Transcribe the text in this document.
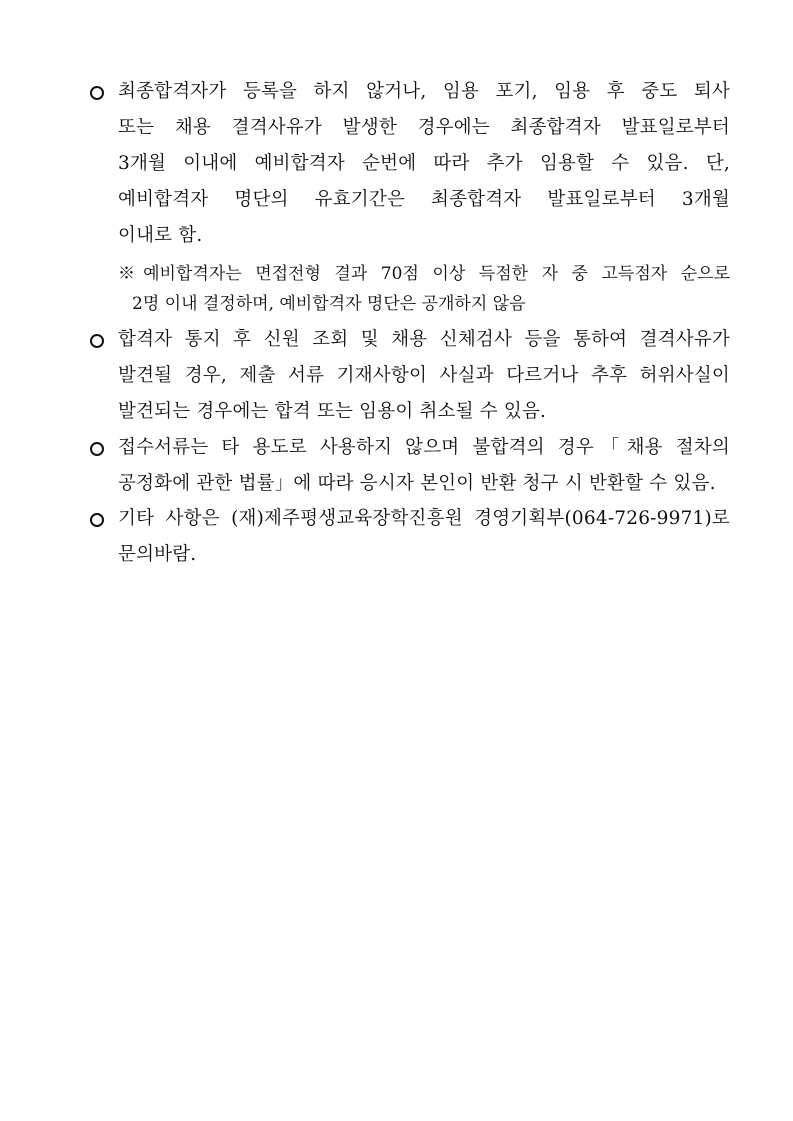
최종합격자가 등록을 하지 않거나, 임용 포기, 임용 후 중도 퇴사
또는 채용 결격사유가 발생한 경우에는 최종합격자 발표일로부터
3개월 이내에 예비합격자 순번에 따라 추가 임용할 수 있음. 단,
예비합격자 명단의 유효기간은 최종합격자 발표일로부터 3개월
이내로 함.
※예비합격자는 면접전형 결과 70점 이상 득점한 자 중 고득점자 순으로
2명 이내 결정하며, 예비합격자 명단은 공개하지 않음
합격자 통지 후 신원 조회 및 채용 신체검사 등을 통하여 결격사유가
발견될 경우, 제출 서류 기재사항이 사실과 다르거나 추후 허위사실이
발견되는 경우에는 합격 또는 임용이 취소될 수 있음.
접수서류는 타 용도로 사용하지 않으며 불합격의 경우「채용 절차의
공정화에 관한 법률」에 따라 응시자 본인이 반환 청구 시 반환할 수 있음.
기타 사항은 (재)제주평생교육장학진흥원 경영기획부(064-726-9971)로
문의바람.
